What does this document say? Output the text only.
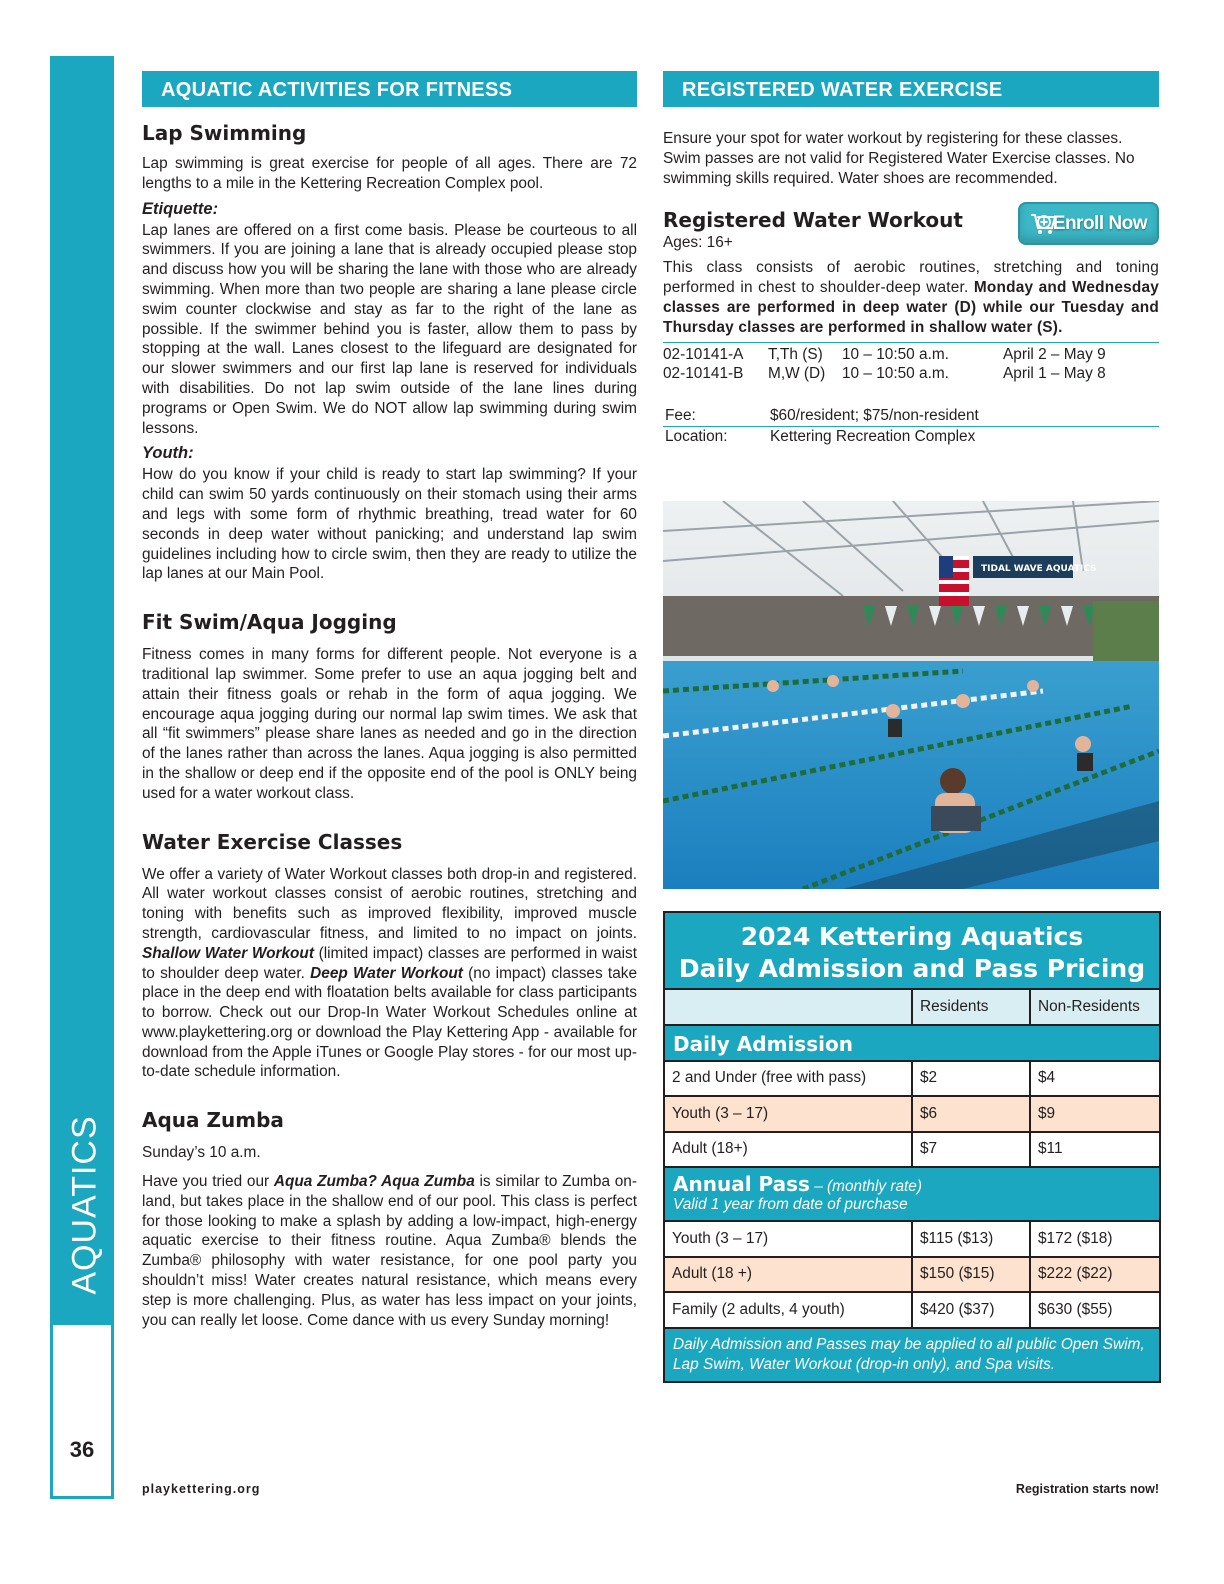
AQUATICS
36
AQUATIC ACTIVITIES FOR FITNESS
Lap Swimming

Lap swimming is great exercise for people of all ages. There are 72 lengths to a mile in the Kettering Recreation Complex pool.

Etiquette:

Lap lanes are offered on a first come basis. Please be courteous to all swimmers. If you are joining a lane that is already occupied please stop and discuss how you will be sharing the lane with those who are already swimming. When more than two people are sharing a lane please circle swim counter clockwise and stay as far to the right of the lane as possible. If the swimmer behind you is faster, allow them to pass by stopping at the wall. Lanes closest to the lifeguard are designated for our slower swimmers and our first lap lane is reserved for individuals with disabilities. Do not lap swim outside of the lane lines during programs or Open Swim. We do NOT allow lap swimming during swim lessons.

Youth:

How do you know if your child is ready to start lap swimming? If your child can swim 50 yards continuously on their stomach using their arms and legs with some form of rhythmic breathing, tread water for 60 seconds in deep water without panicking; and understand lap swim guidelines including how to circle swim, then they are ready to utilize the lap lanes at our Main Pool.

Fit Swim/Aqua Jogging

Fitness comes in many forms for different people. Not everyone is a traditional lap swimmer. Some prefer to use an aqua jogging belt and attain their fitness goals or rehab in the form of aqua jogging. We encourage aqua jogging during our normal lap swim times. We ask that all “fit swimmers” please share lanes as needed and go in the direction of the lanes rather than across the lanes. Aqua jogging is also permitted in the shallow or deep end if the opposite end of the pool is ONLY being used for a water workout class.

Water Exercise Classes

We offer a variety of Water Workout classes both drop-in and registered. All water workout classes consist of aerobic routines, stretching and toning with benefits such as improved flexibility, improved muscle strength, cardiovascular fitness, and limited to no impact on joints. Shallow Water Workout (limited impact) classes are performed in waist to shoulder deep water. Deep Water Workout (no impact) classes take place in the deep end with floatation belts available for class participants to borrow. Check out our Drop-In Water Workout Schedules online at www.playkettering.org or download the Play Kettering App - available for download from the Apple iTunes or Google Play stores - for our most up-to-date schedule information.

Aqua Zumba

Sunday’s 10 a.m.

Have you tried our Aqua Zumba? Aqua Zumba is similar to Zumba on-land, but takes place in the shallow end of our pool. This class is perfect for those looking to make a splash by adding a low-impact, high-energy aquatic exercise to their fitness routine. Aqua Zumba® blends the Zumba® philosophy with water resistance, for one pool party you shouldn’t miss! Water creates natural resistance, which means every step is more challenging. Plus, as water has less impact on your joints, you can really let loose. Come dance with us every Sunday morning!

REGISTERED WATER EXERCISE

Ensure your spot for water workout by registering for these classes. Swim passes are not valid for Registered Water Exercise classes. No swimming skills required. Water shoes are recommended.

Registered Water Workout
Ages: 16+
Enroll Now

This class consists of aerobic routines, stretching and toning performed in chest to shoulder-deep water. Monday and Wednesday classes are performed in deep water (D) while our Tuesday and Thursday classes are performed in shallow water (S).

02-10141-A	T,Th (S)	10 – 10:50 a.m.	April 2 – May 9
02-10141-B	M,W (D)	10 – 10:50 a.m.	April 1 – May 8
Fee:	$60/resident; $75/non-resident
Location:	Kettering Recreation Complex
TIDAL WAVE AQUATICS
2024 Kettering Aquatics
Daily Admission and Pass Pricing
Residents	Non-Residents
Daily Admission
2 and Under (free with pass)	$2	$4
Youth (3 – 17)	$6	$9
Adult (18+)	$7	$11
Annual Pass – (monthly rate)
Valid 1 year from date of purchase
Youth (3 – 17)	$115 ($13)	$172 ($18)
Adult (18 +)	$150 ($15)	$222 ($22)
Family (2 adults, 4 youth)	$420 ($37)	$630 ($55)
Daily Admission and Passes may be applied to all public Open Swim, Lap Swim, Water Workout (drop-in only), and Spa visits.
playkettering.org	Registration starts now!
